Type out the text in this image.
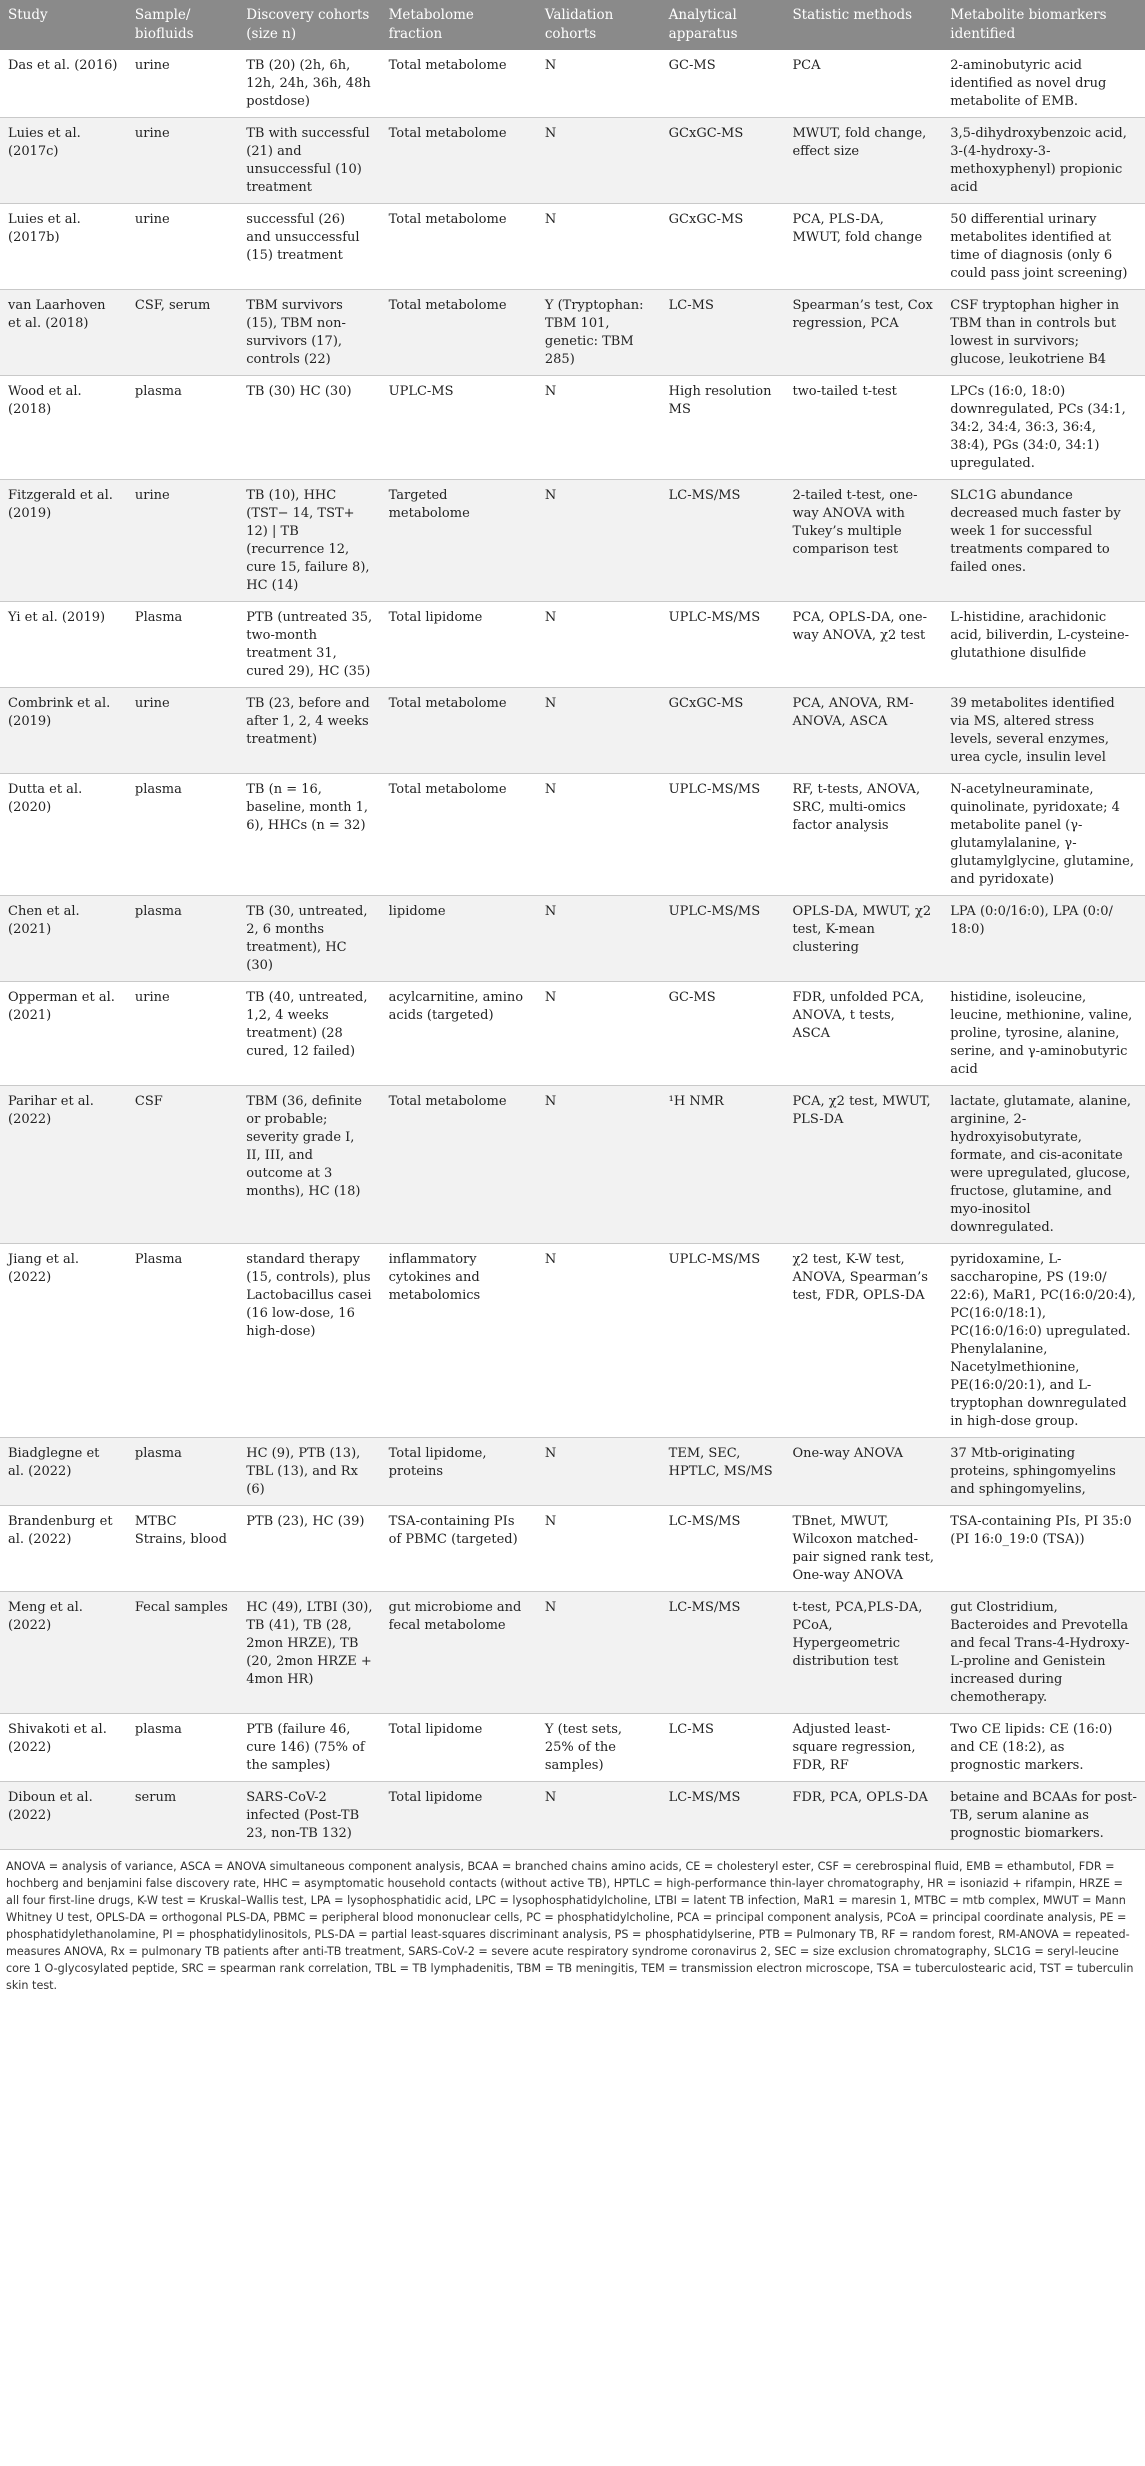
Study	Sample/ biofluids	Discovery cohorts (size n)	Metabolome fraction	Validation cohorts	Analytical apparatus	Statistic methods	Metabolite biomarkers identified
Das et al. (2016)	urine	TB (20) (2h, 6h, 12h, 24h, 36h, 48h postdose)	Total metabolome	N	GC-MS	PCA	2-aminobutyric acid identified as novel drug metabolite of EMB.
Luies et al. (2017c)	urine	TB with successful (21) and unsuccessful (10) treatment	Total metabolome	N	GCxGC-MS	MWUT, fold change, effect size	3,5-dihydroxybenzoic acid, 3-(4-hydroxy-3-methoxyphenyl) propionic acid
Luies et al. (2017b)	urine	successful (26) and unsuccessful (15) treatment	Total metabolome	N	GCxGC-MS	PCA, PLS-DA, MWUT, fold change	50 differential urinary metabolites identified at time of diagnosis (only 6 could pass joint screening)
van Laarhoven et al. (2018)	CSF, serum	TBM survivors (15), TBM non-survivors (17), controls (22)	Total metabolome	Y (Tryptophan: TBM 101, genetic: TBM 285)	LC-MS	Spearman’s test, Cox regression, PCA	CSF tryptophan higher in TBM than in controls but lowest in survivors; glucose, leukotriene B4
Wood et al. (2018)	plasma	TB (30) HC (30)	UPLC-MS	N	High resolution MS	two-tailed t-test	LPCs (16:0, 18:0) downregulated, PCs (34:1, 34:2, 34:4, 36:3, 36:4, 38:4), PGs (34:0, 34:1) upregulated.
Fitzgerald et al. (2019)	urine	TB (10), HHC (TST− 14, TST+ 12) | TB (recurrence 12, cure 15, failure 8), HC (14)	Targeted metabolome	N	LC-MS/MS	2-tailed t-test, one-way ANOVA with Tukey’s multiple comparison test	SLC1G abundance decreased much faster by week 1 for successful treatments compared to failed ones.
Yi et al. (2019)	Plasma	PTB (untreated 35, two-month treatment 31, cured 29), HC (35)	Total lipidome	N	UPLC-MS/MS	PCA, OPLS-DA, one-way ANOVA, χ2 test	L-histidine, arachidonic acid, biliverdin, L-cysteine-glutathione disulfide
Combrink et al. (2019)	urine	TB (23, before and after 1, 2, 4 weeks treatment)	Total metabolome	N	GCxGC-MS	PCA, ANOVA, RM-ANOVA, ASCA	39 metabolites identified via MS, altered stress levels, several enzymes, urea cycle, insulin level
Dutta et al. (2020)	plasma	TB (n = 16, baseline, month 1, 6), HHCs (n = 32)	Total metabolome	N	UPLC-MS/MS	RF, t-tests, ANOVA, SRC, multi-omics factor analysis	N-acetylneuraminate, quinolinate, pyridoxate; 4 metabolite panel (γ-glutamylalanine, γ-glutamylglycine, glutamine, and pyridoxate)
Chen et al. (2021)	plasma	TB (30, untreated, 2, 6 months treatment), HC (30)	lipidome	N	UPLC-MS/MS	OPLS-DA, MWUT, χ2 test, K-mean clustering	LPA (0:0/16:0), LPA (0:0/ 18:0)
Opperman et al. (2021)	urine	TB (40, untreated, 1,2, 4 weeks treatment) (28 cured, 12 failed)	acylcarnitine, amino acids (targeted)	N	GC-MS	FDR, unfolded PCA, ANOVA, t tests, ASCA	histidine, isoleucine, leucine, methionine, valine, proline, tyrosine, alanine, serine, and γ-aminobutyric acid
Parihar et al. (2022)	CSF	TBM (36, definite or probable; severity grade I, II, III, and outcome at 3 months), HC (18)	Total metabolome	N	¹H NMR	PCA, χ2 test, MWUT, PLS-DA	lactate, glutamate, alanine, arginine, 2-hydroxyisobutyrate, formate, and cis-aconitate were upregulated, glucose, fructose, glutamine, and myo-inositol downregulated.
Jiang et al. (2022)	Plasma	standard therapy (15, controls), plus Lactobacillus casei (16 low-dose, 16 high-dose)	inflammatory cytokines and metabolomics	N	UPLC-MS/MS	χ2 test, K-W test, ANOVA, Spearman’s test, FDR, OPLS-DA	pyridoxamine, L-saccharopine, PS (19:0/ 22:6), MaR1, PC(16:0/20:4), PC(16:0/18:1), PC(16:0/16:0) upregulated. Phenylalanine, Nacetylmethionine, PE(16:0/20:1), and L-tryptophan downregulated in high-dose group.
Biadglegne et al. (2022)	plasma	HC (9), PTB (13), TBL (13), and Rx (6)	Total lipidome, proteins	N	TEM, SEC, HPTLC, MS/MS	One-way ANOVA	37 Mtb-originating proteins, sphingomyelins and sphingomyelins,
Brandenburg et al. (2022)	MTBC Strains, blood	PTB (23), HC (39)	TSA-containing PIs of PBMC (targeted)	N	LC-MS/MS	TBnet, MWUT, Wilcoxon matched-pair signed rank test, One-way ANOVA	TSA-containing PIs, PI 35:0 (PI 16:0_19:0 (TSA))
Meng et al. (2022)	Fecal samples	HC (49), LTBI (30), TB (41), TB (28, 2mon HRZE), TB (20, 2mon HRZE + 4mon HR)	gut microbiome and fecal metabolome	N	LC-MS/MS	t-test, PCA,PLS-DA, PCoA, Hypergeometric distribution test	gut Clostridium, Bacteroides and Prevotella and fecal Trans-4-Hydroxy-L-proline and Genistein increased during chemotherapy.
Shivakoti et al. (2022)	plasma	PTB (failure 46, cure 146) (75% of the samples)	Total lipidome	Y (test sets, 25% of the samples)	LC-MS	Adjusted least-square regression, FDR, RF	Two CE lipids: CE (16:0) and CE (18:2), as prognostic markers.
Diboun et al. (2022)	serum	SARS-CoV-2 infected (Post-TB 23, non-TB 132)	Total lipidome	N	LC-MS/MS	FDR, PCA, OPLS-DA	betaine and BCAAs for post-TB, serum alanine as prognostic biomarkers.
ANOVA = analysis of variance, ASCA = ANOVA simultaneous component analysis, BCAA = branched chains amino acids, CE = cholesteryl ester, CSF = cerebrospinal fluid, EMB = ethambutol, FDR = hochberg and benjamini false discovery rate, HHC = asymptomatic household contacts (without active TB), HPTLC = high-performance thin-layer chromatography, HR = isoniazid + rifampin, HRZE = all four first-line drugs, K-W test = Kruskal–Wallis test, LPA = lysophosphatidic acid, LPC = lysophosphatidylcholine, LTBI = latent TB infection, MaR1 = maresin 1, MTBC = mtb complex, MWUT = Mann Whitney U test, OPLS-DA = orthogonal PLS-DA, PBMC = peripheral blood mononuclear cells, PC = phosphatidylcholine, PCA = principal component analysis, PCoA = principal coordinate analysis, PE = phosphatidylethanolamine, PI = phosphatidylinositols, PLS-DA = partial least-squares discriminant analysis, PS = phosphatidylserine, PTB = Pulmonary TB, RF = random forest, RM-ANOVA = repeated-measures ANOVA, Rx = pulmonary TB patients after anti-TB treatment, SARS-CoV-2 = severe acute respiratory syndrome coronavirus 2, SEC = size exclusion chromatography, SLC1G = seryl-leucine core 1 O-glycosylated peptide, SRC = spearman rank correlation, TBL = TB lymphadenitis, TBM = TB meningitis, TEM = transmission electron microscope, TSA = tuberculostearic acid, TST = tuberculin skin test.
